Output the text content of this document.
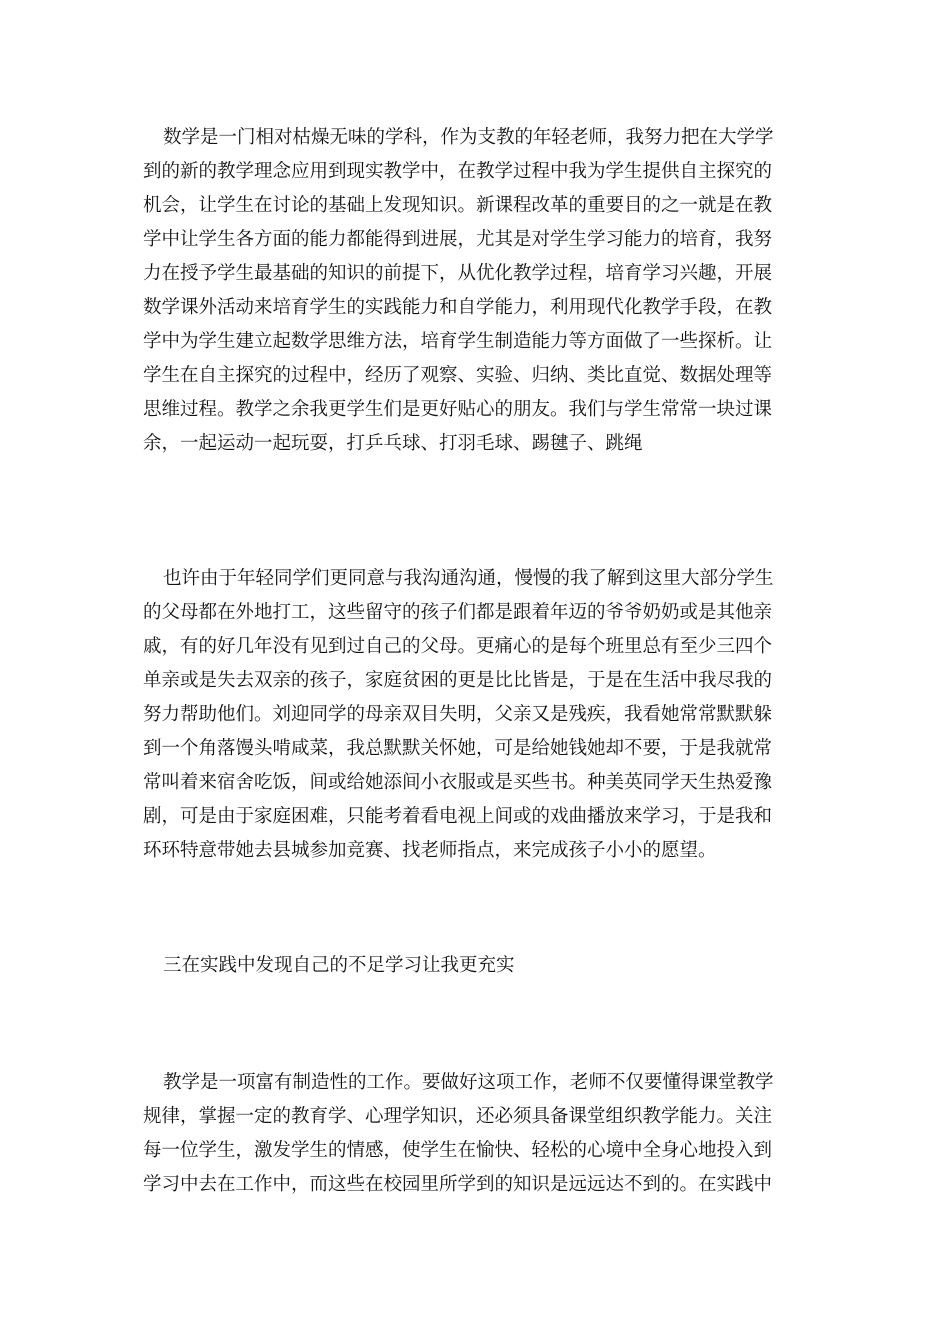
数学是一门相对枯燥无味的学科，作为支教的年轻老师，我努力把在大学学
到的新的教学理念应用到现实教学中，在教学过程中我为学生提供自主探究的
机会，让学生在讨论的基础上发现知识。新课程改革的重要目的之一就是在教
学中让学生各方面的能力都能得到进展，尤其是对学生学习能力的培育，我努
力在授予学生最基础的知识的前提下，从优化教学过程，培育学习兴趣，开展
数学课外活动来培育学生的实践能力和自学能力，利用现代化教学手段，在教
学中为学生建立起数学思维方法，培育学生制造能力等方面做了一些探析。让
学生在自主探究的过程中，经历了观察、实验、归纳、类比直觉、数据处理等
思维过程。教学之余我更学生们是更好贴心的朋友。我们与学生常常一块过课
余，一起运动一起玩耍，打乒乓球、打羽毛球、踢毽子、跳绳
也许由于年轻同学们更同意与我沟通沟通，慢慢的我了解到这里大部分学生
的父母都在外地打工，这些留守的孩子们都是跟着年迈的爷爷奶奶或是其他亲
戚，有的好几年没有见到过自己的父母。更痛心的是每个班里总有至少三四个
单亲或是失去双亲的孩子，家庭贫困的更是比比皆是，于是在生活中我尽我的
努力帮助他们。刘迎同学的母亲双目失明，父亲又是残疾，我看她常常默默躲
到一个角落馒头啃咸菜，我总默默关怀她，可是给她钱她却不要，于是我就常
常叫着来宿舍吃饭，间或给她添间小衣服或是买些书。种美英同学天生热爱豫
剧，可是由于家庭困难，只能考着看电视上间或的戏曲播放来学习，于是我和
环环特意带她去县城参加竞赛、找老师指点，来完成孩子小小的愿望。
三在实践中发现自己的不足学习让我更充实
教学是一项富有制造性的工作。要做好这项工作，老师不仅要懂得课堂教学
规律，掌握一定的教育学、心理学知识，还必须具备课堂组织教学能力。关注
每一位学生，激发学生的情感，使学生在愉快、轻松的心境中全身心地投入到
学习中去在工作中，而这些在校园里所学到的知识是远远达不到的。在实践中
